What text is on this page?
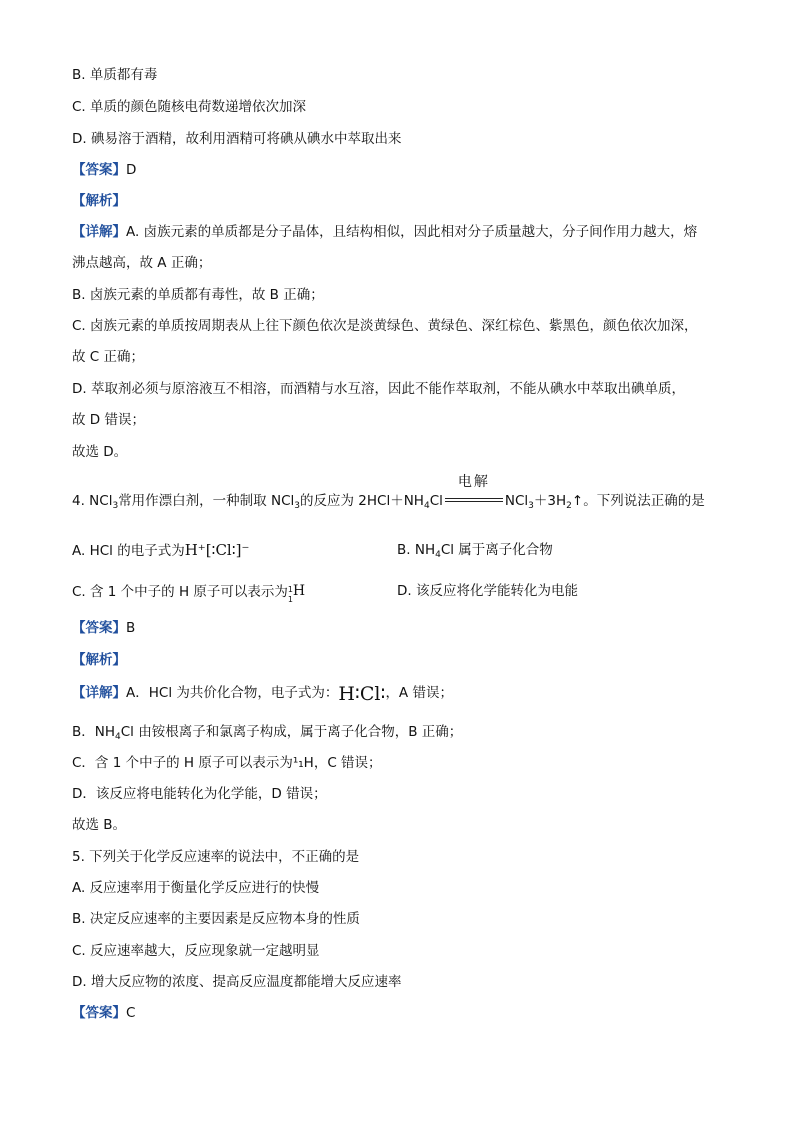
B. 单质都有毒
C. 单质的颜色随核电荷数递增依次加深
D. 碘易溶于酒精，故利用酒精可将碘从碘水中萃取出来
【答案】D
【解析】
【详解】A. 卤族元素的单质都是分子晶体，且结构相似，因此相对分子质量越大，分子间作用力越大，熔
沸点越高，故 A 正确；
B. 卤族元素的单质都有毒性，故 B 正确；
C. 卤族元素的单质按周期表从上往下颜色依次是淡黄绿色、黄绿色、深红棕色、紫黑色，颜色依次加深，
故 C 正确；
D. 萃取剂必须与原溶液互不相溶，而酒精与水互溶，因此不能作萃取剂，不能从碘水中萃取出碘单质，
故 D 错误；
故选 D。
4. NCl$_3$常用作漂白剂，一种制取 NCl$_3$的反应为 $2HCl+NH_4Cl$
电解
$NCl_3+3H_2↑$。下列说法正确的是
A. HCl 的电子式为H⁺[∶Cl∶]⁻	B. $NH_4Cl$ 属于离子化合物
C. 含 1 个中子的 H 原子可以表示为 1
1
H	D. 该反应将化学能转化为电能
【答案】B
【解析】
【详解】A．HCl 为共价化合物，电子式为：H∶Cl∶，A 错误；
B．$NH_4Cl$ 由铵根离子和氯离子构成，属于离子化合物，B 正确；
C．含 1 个中子的 H 原子可以表示为¹₁H，C 错误；
D．该反应将电能转化为化学能，D 错误；
故选 B。
5. 下列关于化学反应速率的说法中，不正确的是
A. 反应速率用于衡量化学反应进行的快慢
B. 决定反应速率的主要因素是反应物本身的性质
C. 反应速率越大，反应现象就一定越明显
D. 增大反应物的浓度、提高反应温度都能增大反应速率
【答案】C
